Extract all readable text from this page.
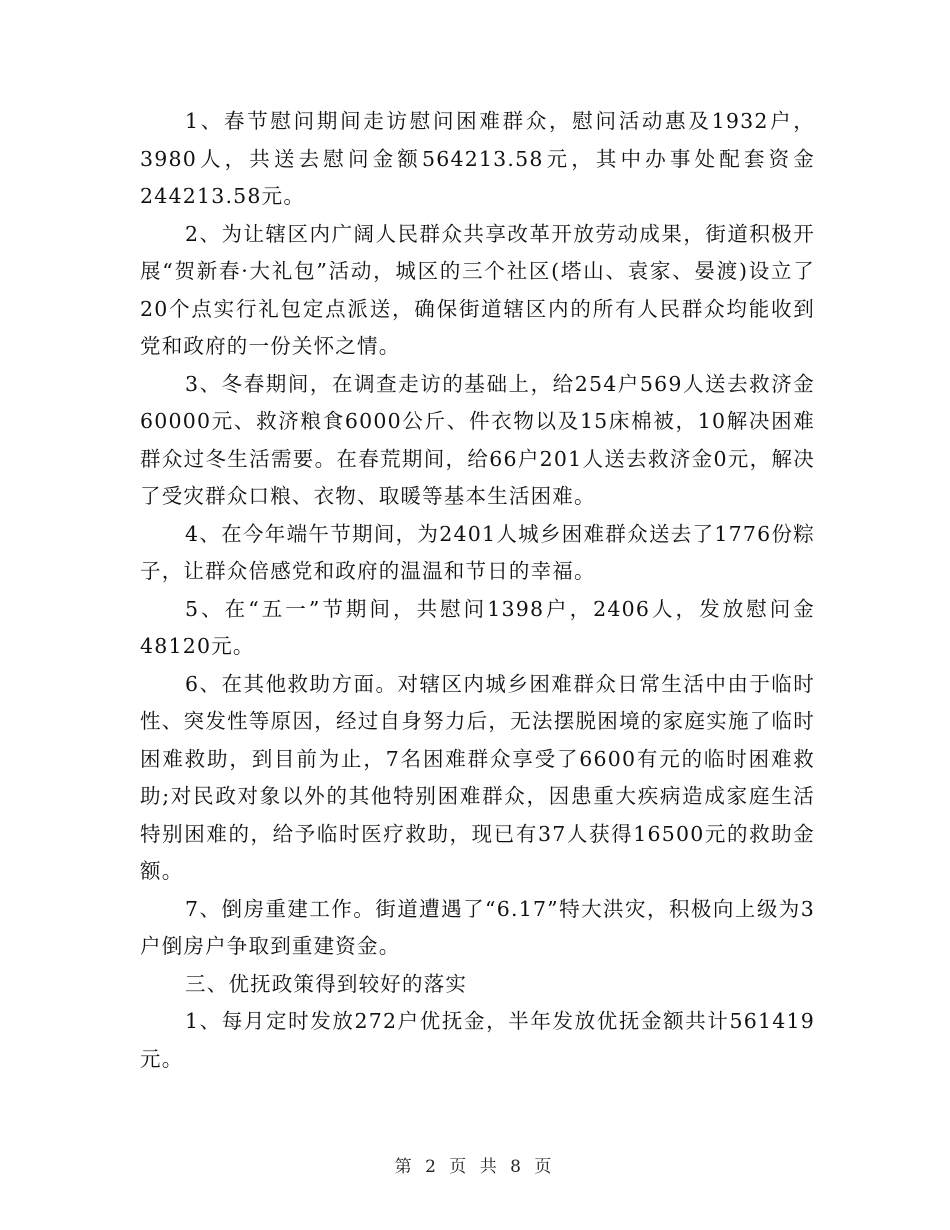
1、春节慰问期间走访慰问困难群众，慰问活动惠及1932户，3980人，共送去慰问金额564213.58元，其中办事处配套资金244213.58元。

2、为让辖区内广阔人民群众共享改革开放劳动成果，街道积极开展“贺新春·大礼包”活动，城区的三个社区(塔山、袁家、晏渡)设立了20个点实行礼包定点派送，确保街道辖区内的所有人民群众均能收到党和政府的一份关怀之情。

3、冬春期间，在调查走访的基础上，给254户569人送去救济金60000元、救济粮食6000公斤、件衣物以及15床棉被，10解决困难群众过冬生活需要。在春荒期间，给66户201人送去救济金0元，解决了受灾群众口粮、衣物、取暖等基本生活困难。

4、在今年端午节期间，为2401人城乡困难群众送去了1776份粽子，让群众倍感党和政府的温温和节日的幸福。

5、在“五一”节期间，共慰问1398户，2406人，发放慰问金48120元。

6、在其他救助方面。对辖区内城乡困难群众日常生活中由于临时性、突发性等原因，经过自身努力后，无法摆脱困境的家庭实施了临时困难救助，到目前为止，7名困难群众享受了6600有元的临时困难救助;对民政对象以外的其他特别困难群众，因患重大疾病造成家庭生活特别困难的，给予临时医疗救助，现已有37人获得16500元的救助金额。

7、倒房重建工作。街道遭遇了“6.17”特大洪灾，积极向上级为3户倒房户争取到重建资金。

三、优抚政策得到较好的落实

1、每月定时发放272户优抚金，半年发放优抚金额共计561419元。

第 2 页 共 8 页
